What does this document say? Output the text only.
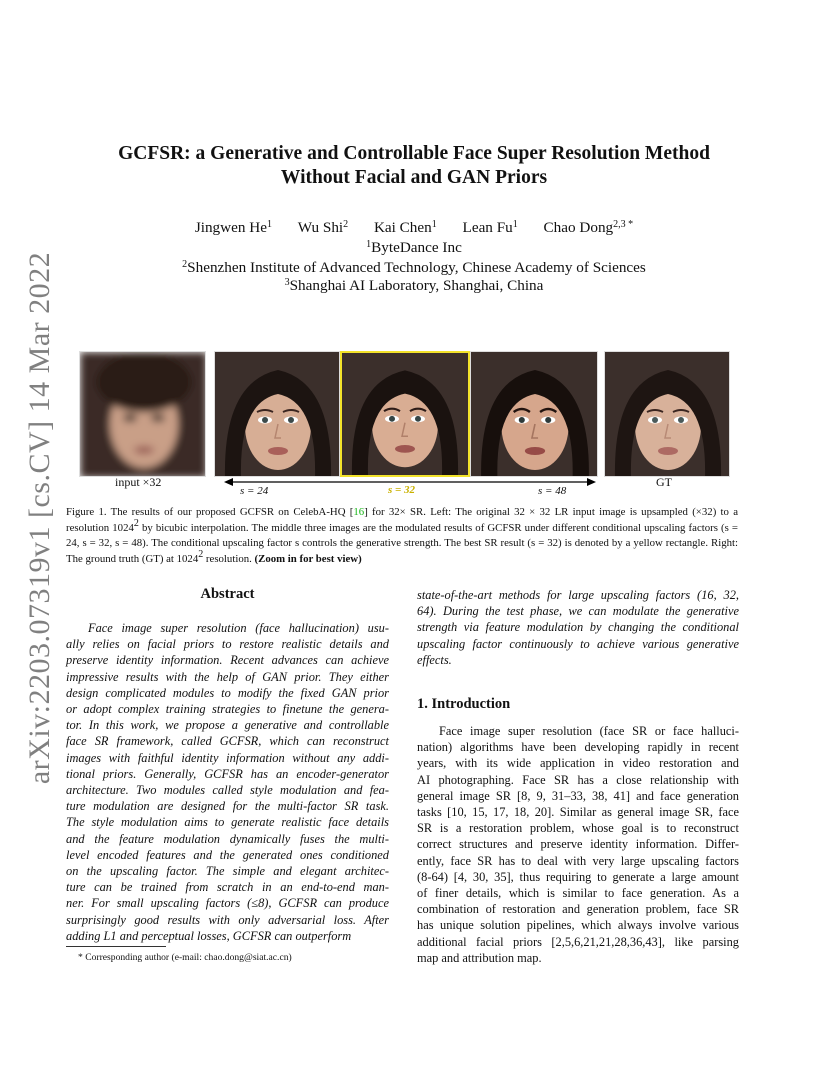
arXiv:2203.07319v1 [cs.CV] 14 Mar 2022
GCFSR: a Generative and Controllable Face Super Resolution Method
Without Facial and GAN Priors
Jingwen He$^1$ Wu Shi$^2$ Kai Chen$^1$ Lean Fu$^1$ Chao Dong$^{2,3 *}$
$^1$ByteDance Inc
$^2$Shenzhen Institute of Advanced Technology, Chinese Academy of Sciences
$^3$Shanghai AI Laboratory, Shanghai, China
input ×32	GT
s = 24	s = 32	s = 48
Figure 1. The results of our proposed GCFSR on CelebA-HQ [16] for 32× SR. Left: The original 32 × 32 LR input image is upsampled (×32) to a resolution 1024$^2$ by bicubic interpolation. The middle three images are the modulated results of GCFSR under different conditional upscaling factors (s = 24, s = 32, s = 48). The conditional upscaling factor s controls the generative strength. The best SR result (s = 32) is denoted by a yellow rectangle. Right: The ground truth (GT) at 1024$^2$ resolution. (Zoom in for best view)
Abstract
Face image super resolution (face hallucination) usu-
ally relies on facial priors to restore realistic details and
preserve identity information. Recent advances can achieve
impressive results with the help of GAN prior. They either
design complicated modules to modify the fixed GAN prior
or adopt complex training strategies to finetune the genera-
tor. In this work, we propose a generative and controllable
face SR framework, called GCFSR, which can reconstruct
images with faithful identity information without any addi-
tional priors. Generally, GCFSR has an encoder-generator
architecture. Two modules called style modulation and fea-
ture modulation are designed for the multi-factor SR task.
The style modulation aims to generate realistic face details
and the feature modulation dynamically fuses the multi-
level encoded features and the generated ones conditioned
on the upscaling factor. The simple and elegant architec-
ture can be trained from scratch in an end-to-end man-
ner. For small upscaling factors (≤8), GCFSR can produce
surprisingly good results with only adversarial loss. After
adding L1 and perceptual losses, GCFSR can outperform
state-of-the-art methods for large upscaling factors (16, 32,
64). During the test phase, we can modulate the generative
strength via feature modulation by changing the conditional
upscaling factor continuously to achieve various generative
effects.
1. Introduction
Face image super resolution (face SR or face halluci-
nation) algorithms have been developing rapidly in recent
years, with its wide application in video restoration and
AI photographing. Face SR has a close relationship with
general image SR [8, 9, 31–33, 38, 41] and face generation
tasks [10, 15, 17, 18, 20]. Similar as general image SR, face
SR is a restoration problem, whose goal is to reconstruct
correct structures and preserve identity information. Differ-
ently, face SR has to deal with very large upscaling factors
(8-64) [4, 30, 35], thus requiring to generate a large amount
of finer details, which is similar to face generation. As a
combination of restoration and generation problem, face SR
has unique solution pipelines, which always involve various
additional facial priors [2,5,6,21,21,28,36,43], like parsing
map and attribution map.
* Corresponding author (e-mail: chao.dong@siat.ac.cn)
